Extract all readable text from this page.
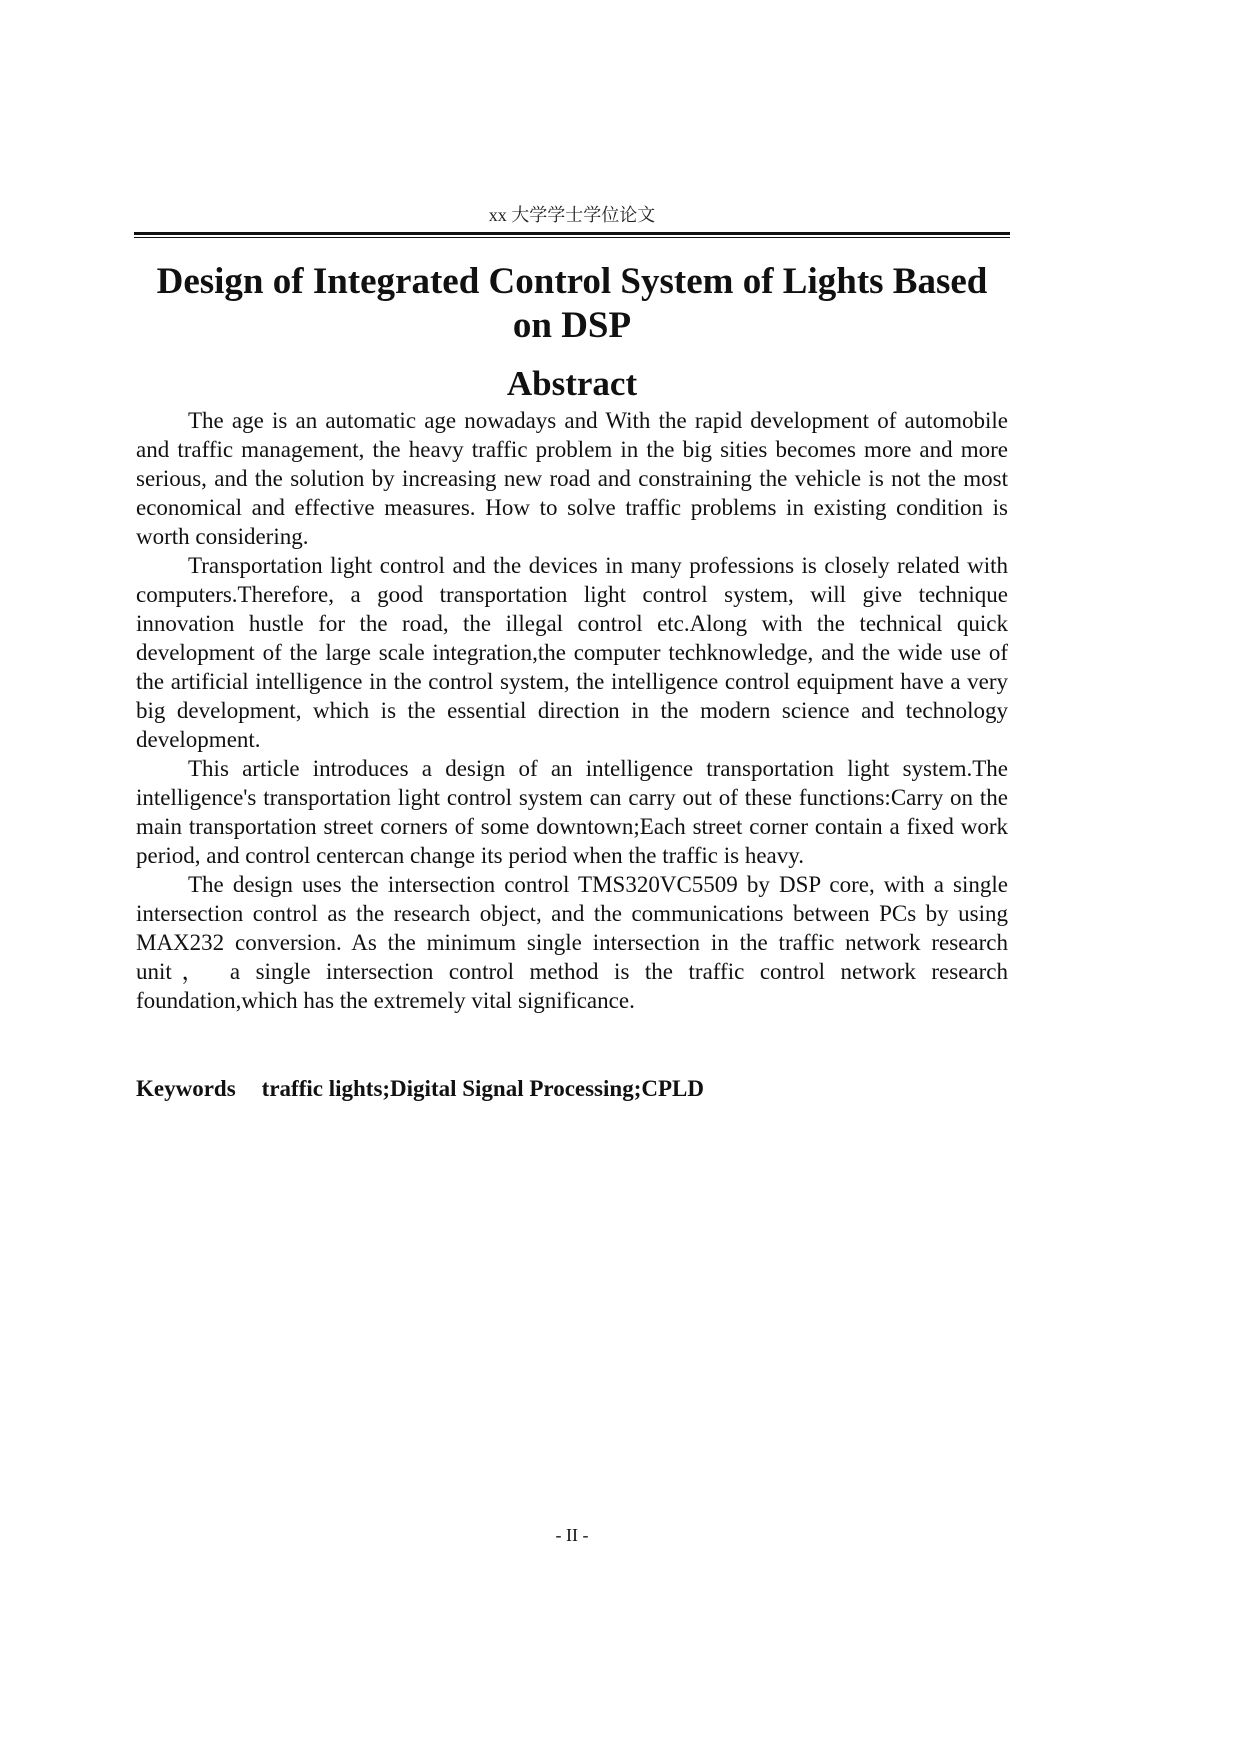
xx 大学学士学位论文
Design of Integrated Control System of Lights Based
on DSP
Abstract

The age is an automatic age nowadays and With the rapid development of automobile and traffic management, the heavy traffic problem in the big sities becomes more and more serious, and the solution by increasing new road and constraining the vehicle is not the most economical and effective measures. How to solve traffic problems in existing condition is worth considering.

Transportation light control and the devices in many professions is closely related with computers.Therefore, a good transportation light control system, will give technique innovation hustle for the road, the illegal control etc.Along with the technical quick development of the large scale integration,the computer techknowledge, and the wide use of the artificial intelligence in the control system, the intelligence control equipment have a very big development, which is the essential direction in the modern science and technology development.

This article introduces a design of an intelligence transportation light system.The intelligence's transportation light control system can carry out of these functions:Carry on the main transportation street corners of some downtown;Each street corner contain a fixed work period, and control centercan change its period when the traffic is heavy.

The design uses the intersection control TMS320VC5509 by DSP core, with a single intersection control as the research object, and the communications between PCs by using MAX232 conversion. As the minimum single intersection in the traffic network research unit， a single intersection control method is the traffic control network research foundation,which has the extremely vital significance.

Keywords traffic lights;Digital Signal Processing;CPLD
- II -
